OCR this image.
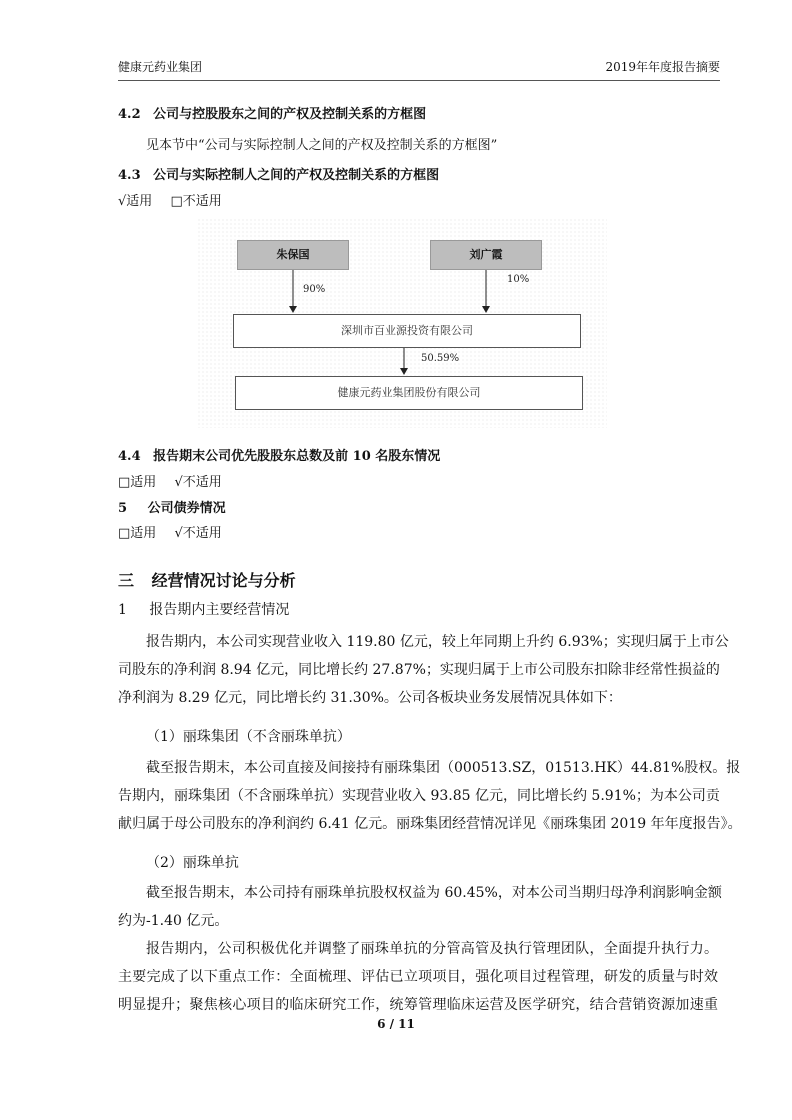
健康元药业集团	2019年年度报告摘要
4.2 公司与控股股东之间的产权及控制关系的方框图
见本节中“公司与实际控制人之间的产权及控制关系的方框图”
4.3 公司与实际控制人之间的产权及控制关系的方框图
√适用 □不适用
朱保国	刘广霞
深圳市百业源投资有限公司
健康元药业集团股份有限公司
90%
10%
50.59%
4.4 报告期末公司优先股股东总数及前 10 名股东情况
□适用 √不适用
5 公司债券情况
□适用 √不适用
三 经营情况讨论与分析
1 报告期内主要经营情况
报告期内，本公司实现营业收入 119.80 亿元，较上年同期上升约 6.93%；实现归属于上市公
司股东的净利润 8.94 亿元，同比增长约 27.87%；实现归属于上市公司股东扣除非经常性损益的
净利润为 8.29 亿元，同比增长约 31.30%。公司各板块业务发展情况具体如下：
（1）丽珠集团（不含丽珠单抗）
截至报告期末，本公司直接及间接持有丽珠集团（000513.SZ，01513.HK）44.81%股权。报
告期内，丽珠集团（不含丽珠单抗）实现营业收入 93.85 亿元，同比增长约 5.91%；为本公司贡
献归属于母公司股东的净利润约 6.41 亿元。丽珠集团经营情况详见《丽珠集团 2019 年年度报告》。
（2）丽珠单抗
截至报告期末，本公司持有丽珠单抗股权权益为 60.45%，对本公司当期归母净利润影响金额
约为-1.40 亿元。
报告期内，公司积极优化并调整了丽珠单抗的分管高管及执行管理团队，全面提升执行力。
主要完成了以下重点工作：全面梳理、评估已立项项目，强化项目过程管理，研发的质量与时效
明显提升；聚焦核心项目的临床研究工作，统筹管理临床运营及医学研究，结合营销资源加速重
6 / 11
